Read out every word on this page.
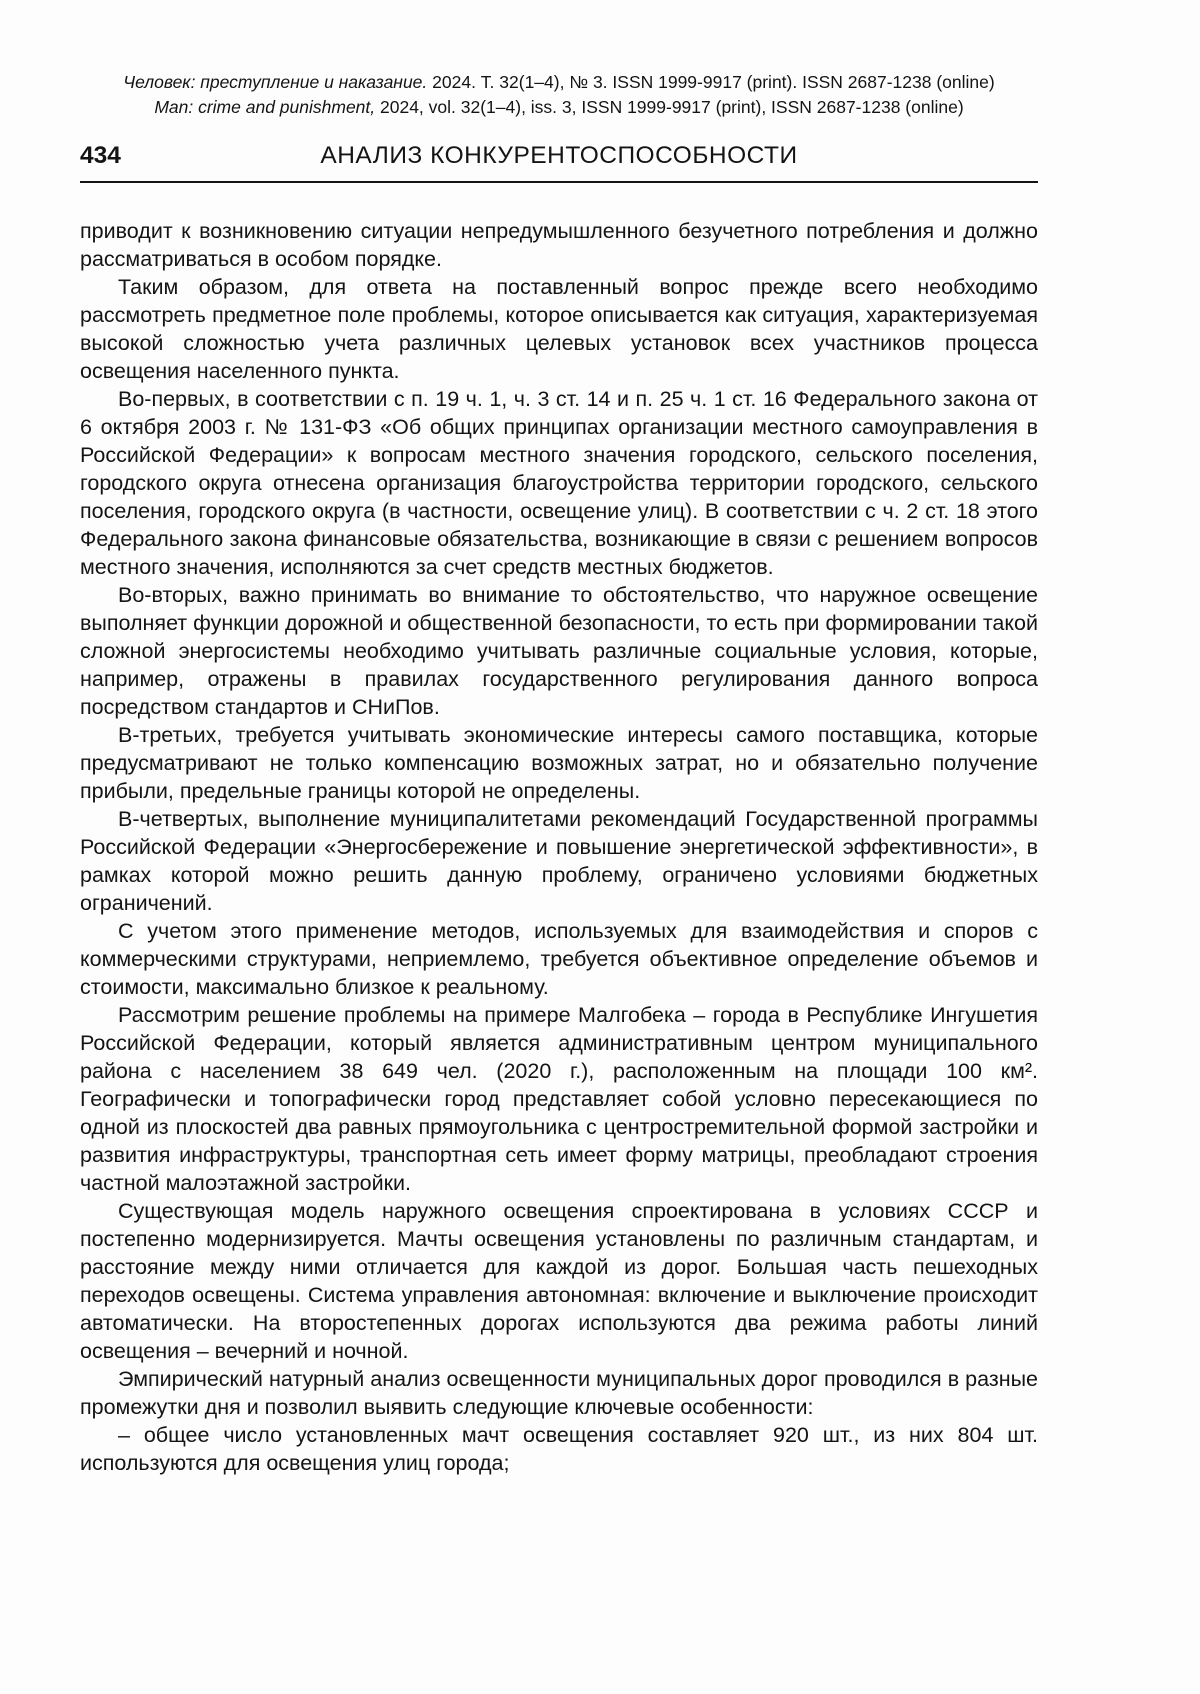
Человек: преступление и наказание. 2024. Т. 32(1–4), № 3. ISSN 1999-9917 (print). ISSN 2687-1238 (online)
Man: crime and punishment, 2024, vol. 32(1–4), iss. 3, ISSN 1999-9917 (print), ISSN 2687-1238 (online)
434	АНАЛИЗ КОНКУРЕНТОСПОСОБНОСТИ

приводит к возникновению ситуации непредумышленного безучетного потребления и должно рассматриваться в особом порядке.

Таким образом, для ответа на поставленный вопрос прежде всего необходимо рассмотреть предметное поле проблемы, которое описывается как ситуация, характеризуемая высокой сложностью учета различных целевых установок всех участников процесса освещения населенного пункта.

Во-первых, в соответствии с п. 19 ч. 1, ч. 3 ст. 14 и п. 25 ч. 1 ст. 16 Федерального закона от 6 октября 2003 г. № 131-ФЗ «Об общих принципах организации местного самоуправления в Российской Федерации» к вопросам местного значения городского, сельского поселения, городского округа отнесена организация благоустройства территории городского, сельского поселения, городского округа (в частности, освещение улиц). В соответствии с ч. 2 ст. 18 этого Федерального закона финансовые обязательства, возникающие в связи с решением вопросов местного значения, исполняются за счет средств местных бюджетов.

Во-вторых, важно принимать во внимание то обстоятельство, что наружное освещение выполняет функции дорожной и общественной безопасности, то есть при формировании такой сложной энергосистемы необходимо учитывать различные социальные условия, которые, например, отражены в правилах государственного регулирования данного вопроса посредством стандартов и СНиПов.

В-третьих, требуется учитывать экономические интересы самого поставщика, которые предусматривают не только компенсацию возможных затрат, но и обязательно получение прибыли, предельные границы которой не определены.

В-четвертых, выполнение муниципалитетами рекомендаций Государственной программы Российской Федерации «Энергосбережение и повышение энергетической эффективности», в рамках которой можно решить данную проблему, ограничено условиями бюджетных ограничений.

С учетом этого применение методов, используемых для взаимодействия и споров с коммерческими структурами, неприемлемо, требуется объективное определение объемов и стоимости, максимально близкое к реальному.

Рассмотрим решение проблемы на примере Малгобека – города в Республике Ингушетия Российской Федерации, который является административным центром муниципального района с населением 38 649 чел. (2020 г.), расположенным на площади 100 км². Географически и топографически город представляет собой условно пересекающиеся по одной из плоскостей два равных прямоугольника с центростремительной формой застройки и развития инфраструктуры, транспортная сеть имеет форму матрицы, преобладают строения частной малоэтажной застройки.

Существующая модель наружного освещения спроектирована в условиях СССР и постепенно модернизируется. Мачты освещения установлены по различным стандартам, и расстояние между ними отличается для каждой из дорог. Большая часть пешеходных переходов освещены. Система управления автономная: включение и выключение происходит автоматически. На второстепенных дорогах используются два режима работы линий освещения – вечерний и ночной.

Эмпирический натурный анализ освещенности муниципальных дорог проводился в разные промежутки дня и позволил выявить следующие ключевые особенности:

– общее число установленных мачт освещения составляет 920 шт., из них 804 шт. используются для освещения улиц города;
